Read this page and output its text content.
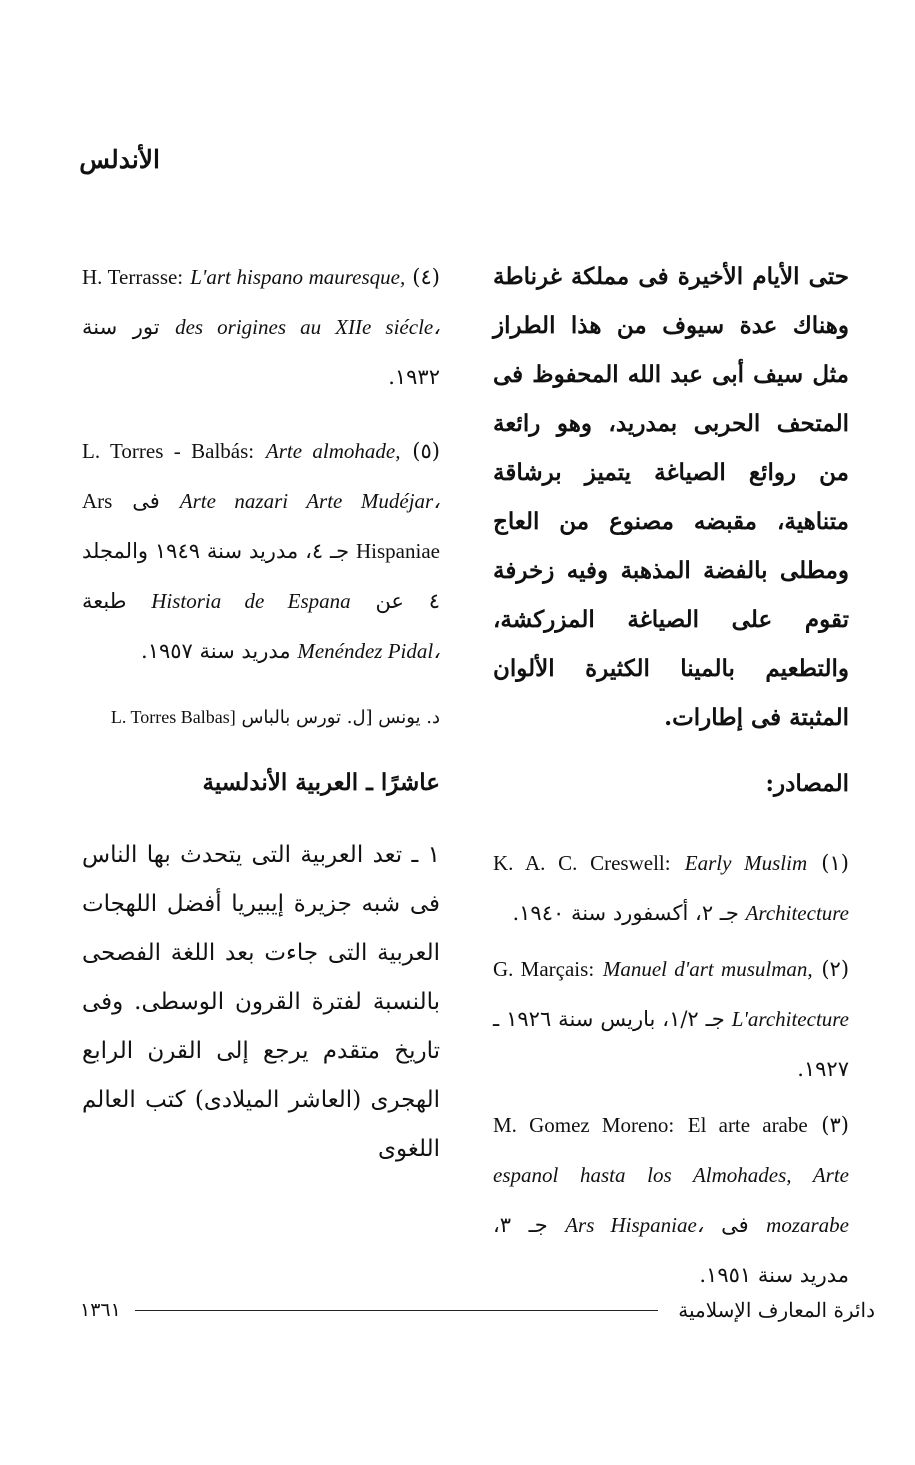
الأندلس

حتى الأيام الأخيرة فى مملكة غرناطة وهناك عدة سيوف من هذا الطراز مثل سيف أبى عبد الله المحفوظ فى المتحف الحربى بمدريد، وهو رائعة من روائع الصياغة يتميز برشاقة متناهية، مقبضه مصنوع من العاج ومطلى بالفضة المذهبة وفيه زخرفة تقوم على الصياغة المزركشة، والتطعيم بالمينا الكثيرة الألوان المثبتة فى إطارات.

المصادر:

(١) K. A. C. Creswell: Early Muslim Architecture جـ ٢، أكسفورد سنة ١٩٤٠.

(٢) G. Marçais: Manuel d'art musulman, L'architecture جـ ١/٢، باريس سنة ١٩٢٦ ـ ١٩٢٧.

(٣) M. Gomez Moreno: El arte arabe espanol hasta los Almohades, Arte mozarabe فى Ars Hispaniae، جـ ٣، مدريد سنة ١٩٥١.

(٤) H. Terrasse: L'art hispano mauresque, des origines au XIIe siécle، تور سنة ١٩٣٢.

(٥) L. Torres - Balbás: Arte almohade, Arte nazari Arte Mudéjar، فى Ars Hispaniae جـ ٤، مدريد سنة ١٩٤٩ والمجلد ٤ عن Historia de Espana طبعة Menéndez Pidal، مدريد سنة ١٩٥٧.

د. يونس [ل. تورس بالباس L. Torres Balbas]

عاشرًا ـ العربية الأندلسية

١ ـ تعد العربية التى يتحدث بها الناس فى شبه جزيرة إيبيريا أفضل اللهجات العربية التى جاءت بعد اللغة الفصحى بالنسبة لفترة القرون الوسطى. وفى تاريخ متقدم يرجع إلى القرن الرابع الهجرى (العاشر الميلادى) كتب العالم اللغوى

دائرة المعارف الإسلامية
١٣٦١
